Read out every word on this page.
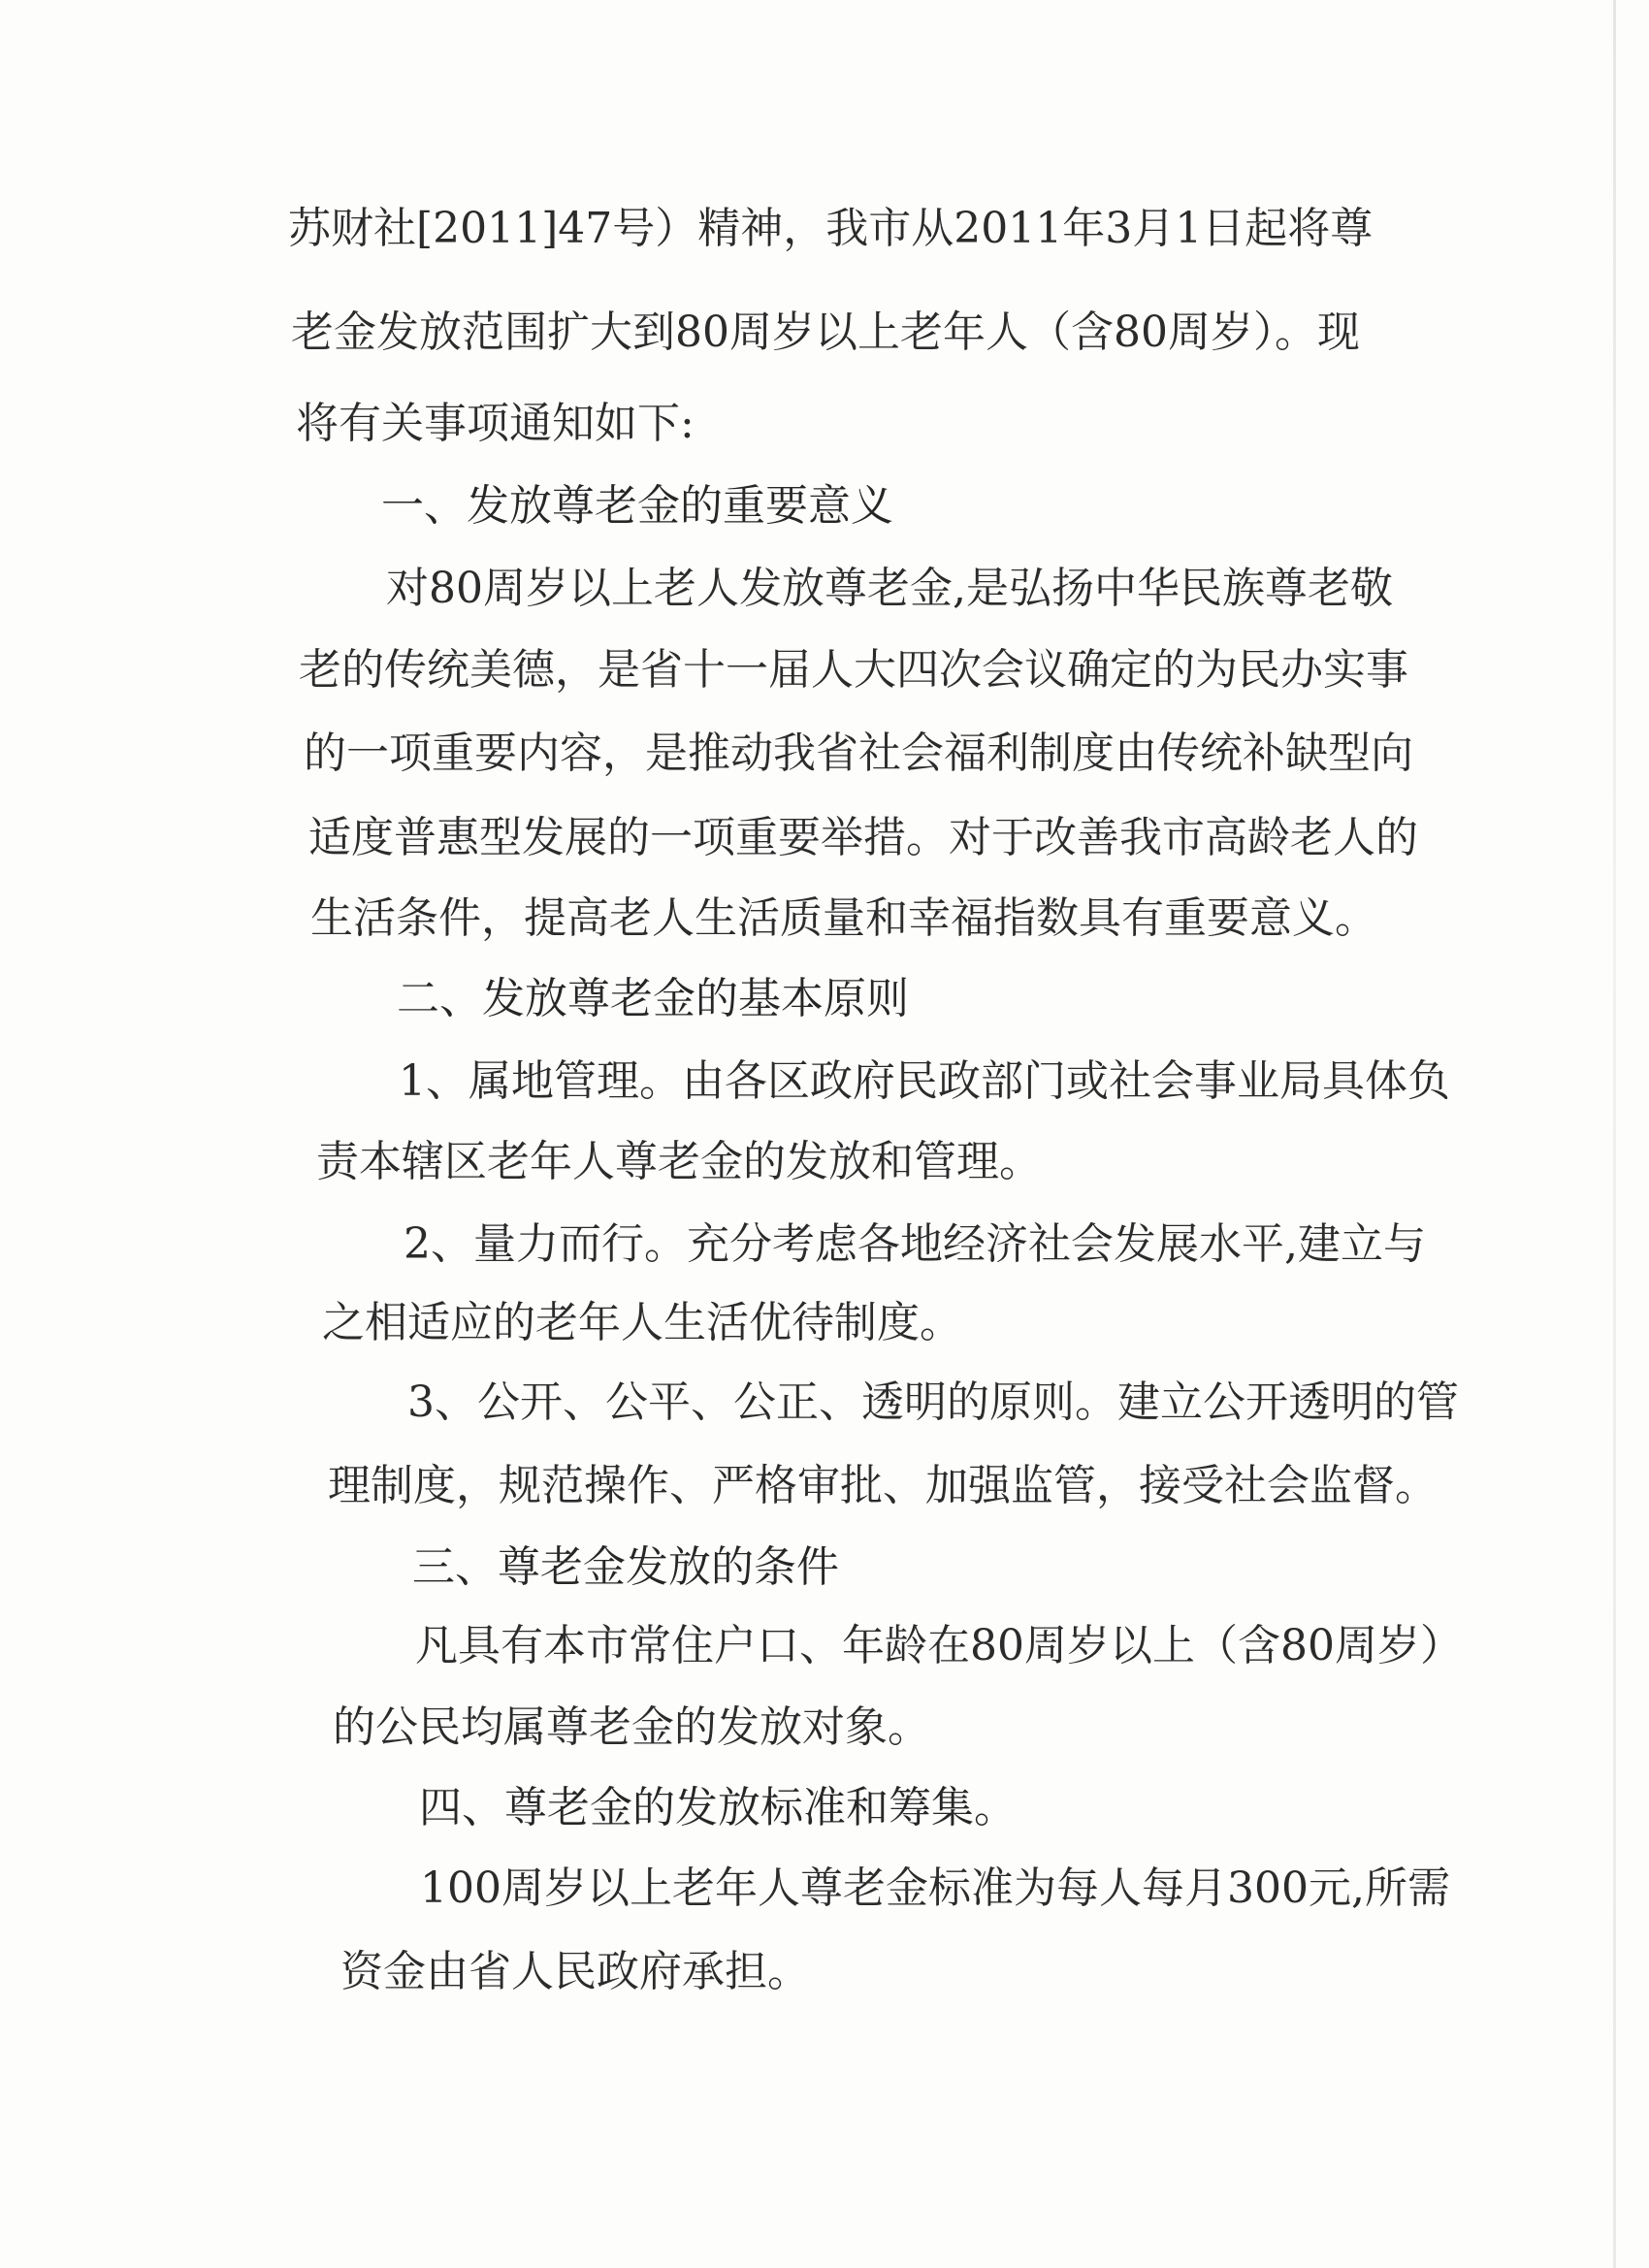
苏财社[2011]47号）精神，我市从2011年3月1日起将尊

老金发放范围扩大到80周岁以上老年人（含80周岁）。现

将有关事项通知如下:

一、发放尊老金的重要意义

对80周岁以上老人发放尊老金,是弘扬中华民族尊老敬

老的传统美德，是省十一届人大四次会议确定的为民办实事

的一项重要内容，是推动我省社会福利制度由传统补缺型向

适度普惠型发展的一项重要举措。对于改善我市高龄老人的

生活条件，提高老人生活质量和幸福指数具有重要意义。

二、发放尊老金的基本原则

1、属地管理。由各区政府民政部门或社会事业局具体负

责本辖区老年人尊老金的发放和管理。

2、量力而行。充分考虑各地经济社会发展水平,建立与

之相适应的老年人生活优待制度。

3、公开、公平、公正、透明的原则。建立公开透明的管

理制度，规范操作、严格审批、加强监管，接受社会监督。

三、尊老金发放的条件

凡具有本市常住户口、年龄在80周岁以上（含80周岁）

的公民均属尊老金的发放对象。

四、尊老金的发放标准和筹集。

100周岁以上老年人尊老金标准为每人每月300元,所需

资金由省人民政府承担。
